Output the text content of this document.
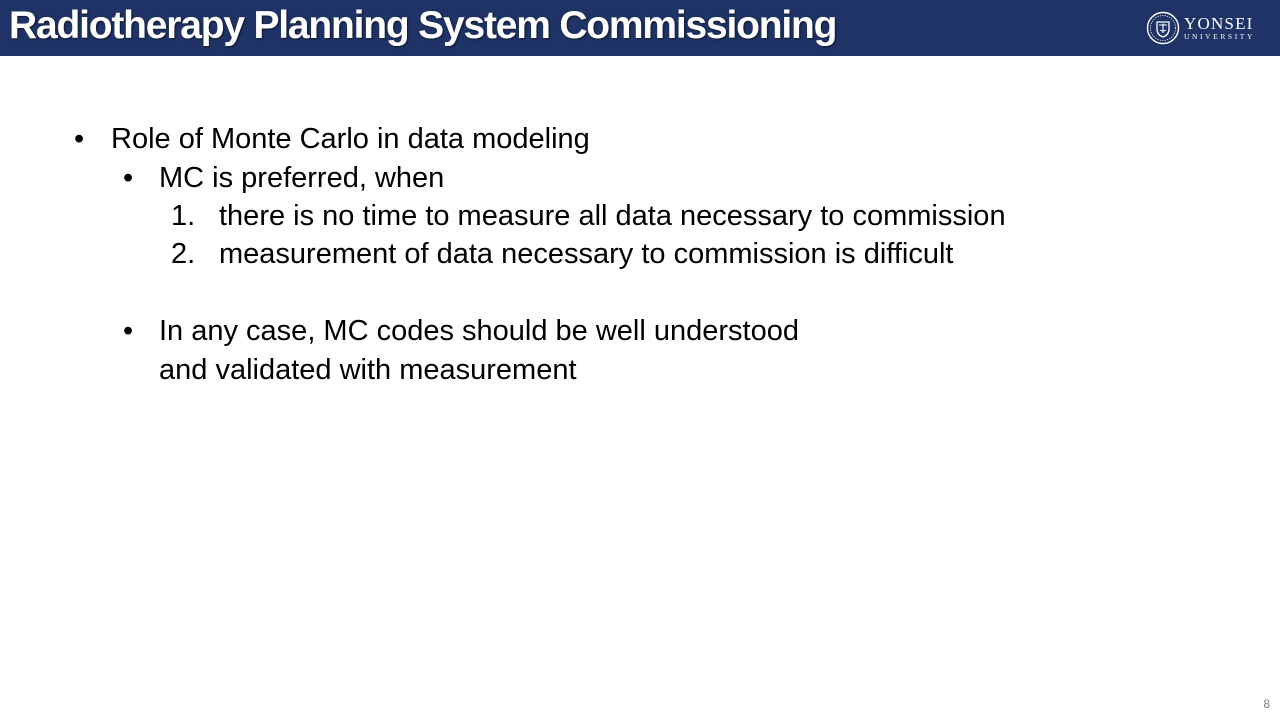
Radiotherapy Planning System Commissioning	YONSEI
UNIVERSITY
• Role of Monte Carlo in data modeling
• MC is preferred, when
1. there is no time to measure all data necessary to commission
2. measurement of data necessary to commission is difficult
• In any case, MC codes should be well understood
and validated with measurement
8
